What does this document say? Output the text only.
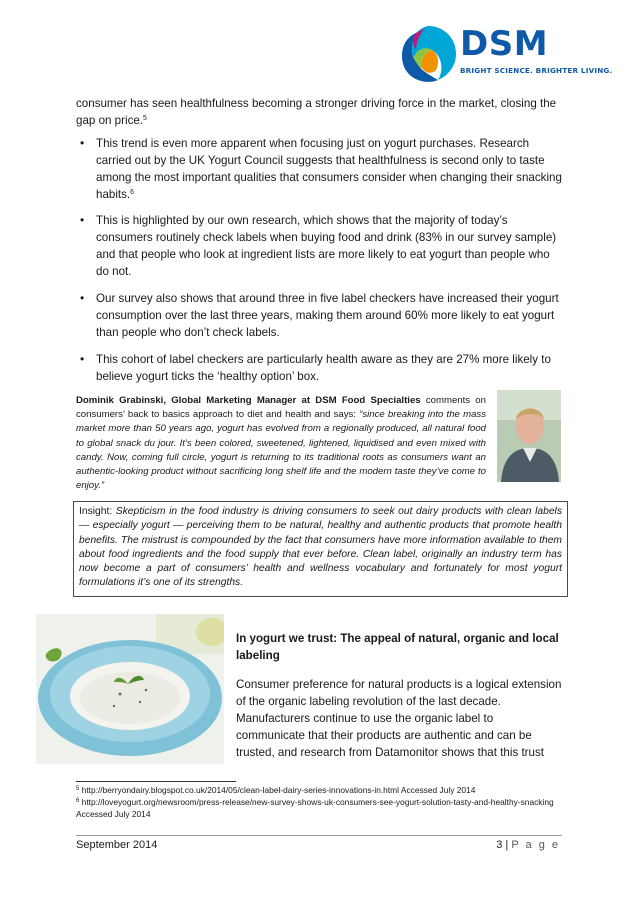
DSM
BRIGHT SCIENCE. BRIGHTER LIVING.
consumer has seen healthfulness becoming a stronger driving force in the market, closing the gap on price.$^5$
• This trend is even more apparent when focusing just on yogurt purchases. Research carried out by the UK Yogurt Council suggests that healthfulness is second only to taste among the most important qualities that consumers consider when changing their snacking habits.$^6$
• This is highlighted by our own research, which shows that the majority of today’s consumers routinely check labels when buying food and drink (83% in our survey sample) and that people who look at ingredient lists are more likely to eat yogurt than people who do not.
• Our survey also shows that around three in five label checkers have increased their yogurt consumption over the last three years, making them around 60% more likely to eat yogurt than people who don’t check labels.
• This cohort of label checkers are particularly health aware as they are 27% more likely to believe yogurt ticks the ‘healthy option’ box.
Dominik Grabinski, Global Marketing Manager at DSM Food Specialties comments on consumers’ back to basics approach to diet and health and says: “since breaking into the mass market more than 50 years ago, yogurt has evolved from a regionally produced, all natural food to global snack du jour. It’s been colored, sweetened, lightened, liquidised and even mixed with candy. Now, coming full circle, yogurt is returning to its traditional roots as consumers want an authentic-looking product without sacrificing long shelf life and the modern taste they’ve come to enjoy.”
Insight: Skepticism in the food industry is driving consumers to seek out dairy products with clean labels — especially yogurt — perceiving them to be natural, healthy and authentic products that promote health benefits. The mistrust is compounded by the fact that consumers have more information available to them about food ingredients and the food supply that ever before. Clean label, originally an industry term has now become a part of consumers’ health and wellness vocabulary and fortunately for most yogurt formulations it’s one of its strengths.
In yogurt we trust: The appeal of natural, organic and local labeling
Consumer preference for natural products is a logical extension of the organic labeling revolution of the last decade. Manufacturers continue to use the organic label to communicate that their products are authentic and can be trusted, and research from Datamonitor shows that this trust
$^5$ http://berryondairy.blogspot.co.uk/2014/05/clean-label-dairy-series-innovations-in.html Accessed July 2014
$^6$ http://loveyogurt.org/newsroom/press-release/new-survey-shows-uk-consumers-see-yogurt-solution-tasty-and-healthy-snacking Accessed July 2014
September 2014	3 | P a g e
